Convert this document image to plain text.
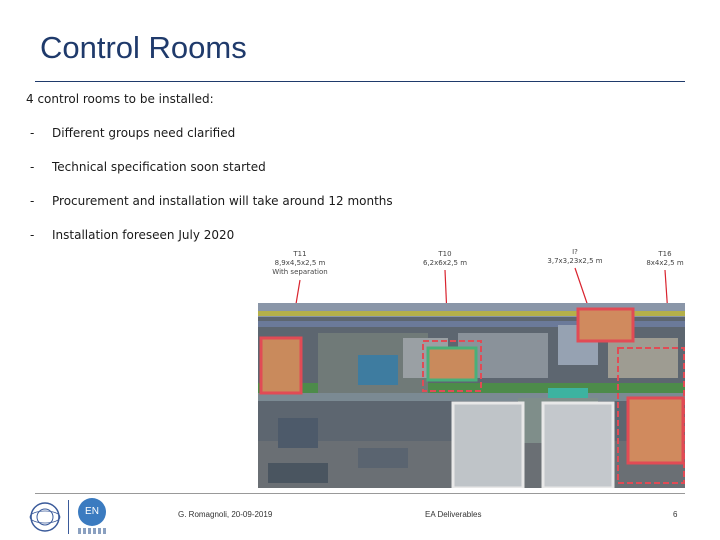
Control Rooms
4 control rooms to be installed:
- Different groups need clarified
- Technical specification soon started
- Procurement and installation will take around 12 months
- Installation foreseen July 2020
T11
8,9x4,5x2,5 m
With separation
T10
6,2x6x2,5 m
I?
3,7x3,23x2,5 m
T16
8x4x2,5 m
EN	G. Romagnoli, 20-09-2019	EA Deliverables	6
